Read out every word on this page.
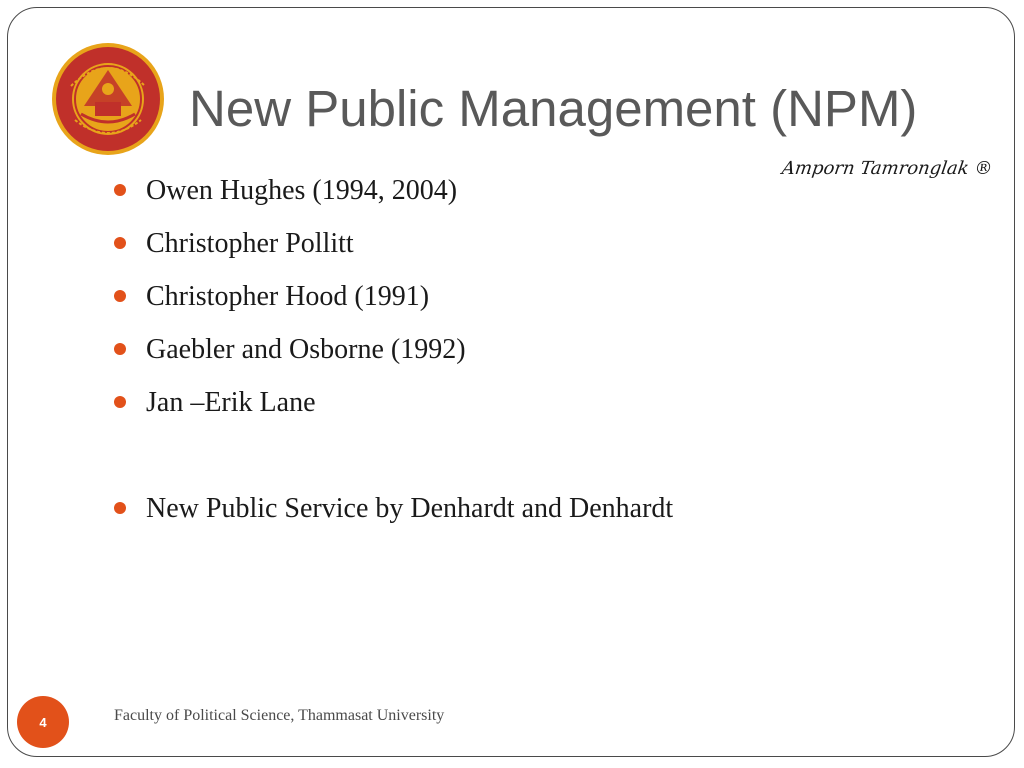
New Public Management (NPM)
Amporn Tamronglak ®
Owen Hughes (1994, 2004)
Christopher Pollitt
Christopher Hood (1991)
Gaebler and Osborne (1992)
Jan –Erik Lane
New Public Service by Denhardt and Denhardt
4	Faculty of Political Science, Thammasat University
